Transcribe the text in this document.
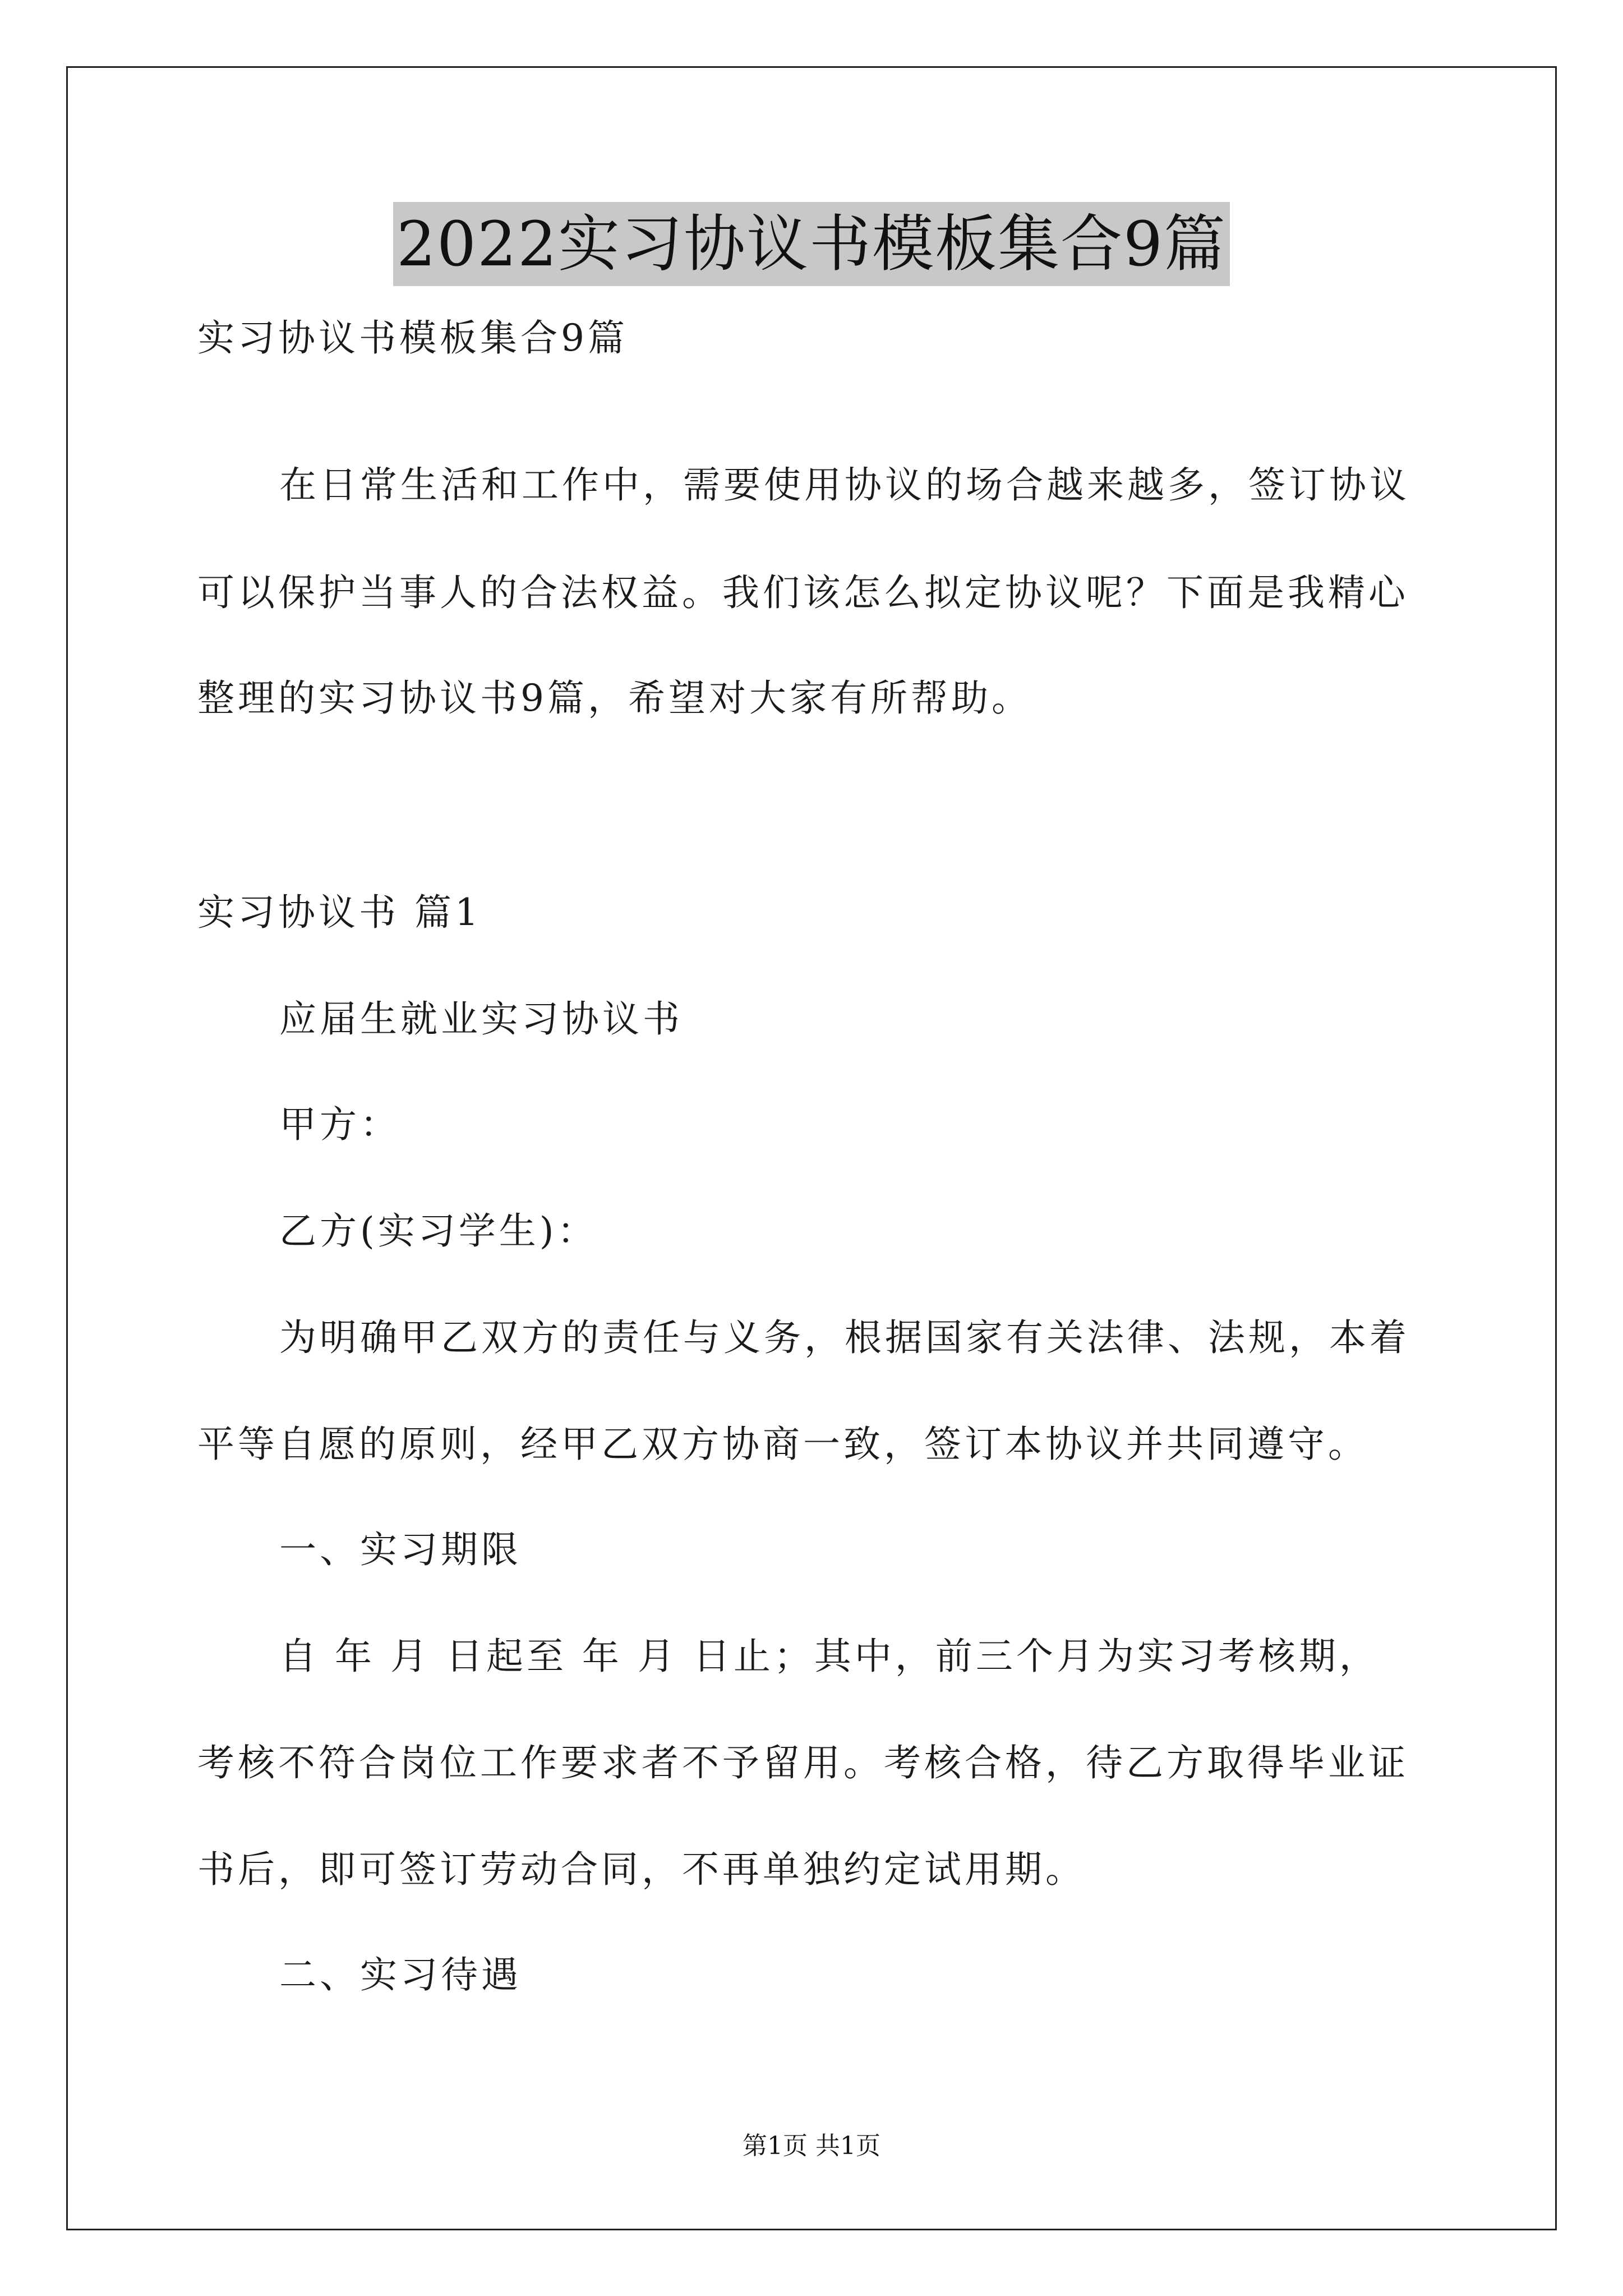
2022实习协议书模板集合9篇
实习协议书模板集合9篇
在日常生活和工作中，需要使用协议的场合越来越多，签订协议
可以保护当事人的合法权益。我们该怎么拟定协议呢？下面是我精心
整理的实习协议书9篇，希望对大家有所帮助。
实习协议书 篇1
应届生就业实习协议书
甲方：
乙方(实习学生)：
为明确甲乙双方的责任与义务，根据国家有关法律、法规，本着
平等自愿的原则，经甲乙双方协商一致，签订本协议并共同遵守。
一、实习期限
自 年 月 日起至 年 月 日止；其中，前三个月为实习考核期，
考核不符合岗位工作要求者不予留用。考核合格，待乙方取得毕业证
书后，即可签订劳动合同，不再单独约定试用期。
二、实习待遇
第1页 共1页
